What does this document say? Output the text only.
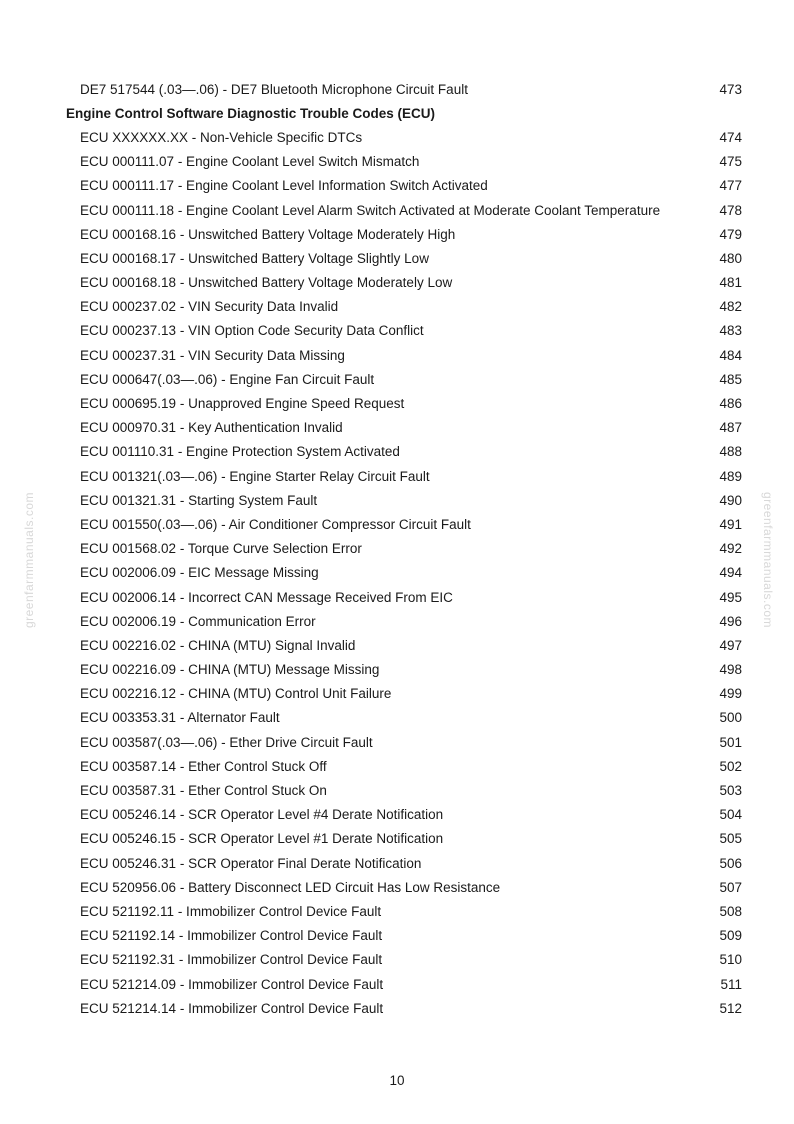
DE7 517544 (.03—.06) - DE7 Bluetooth Microphone Circuit Fault	473
Engine Control Software Diagnostic Trouble Codes (ECU)
ECU XXXXXX.XX - Non-Vehicle Specific DTCs	474
ECU 000111.07 - Engine Coolant Level Switch Mismatch	475
ECU 000111.17 - Engine Coolant Level Information Switch Activated	477
ECU 000111.18 - Engine Coolant Level Alarm Switch Activated at Moderate Coolant Temperature	478
ECU 000168.16 - Unswitched Battery Voltage Moderately High	479
ECU 000168.17 - Unswitched Battery Voltage Slightly Low	480
ECU 000168.18 - Unswitched Battery Voltage Moderately Low	481
ECU 000237.02 - VIN Security Data Invalid	482
ECU 000237.13 - VIN Option Code Security Data Conflict	483
ECU 000237.31 - VIN Security Data Missing	484
ECU 000647(.03—.06) - Engine Fan Circuit Fault	485
ECU 000695.19 - Unapproved Engine Speed Request	486
ECU 000970.31 - Key Authentication Invalid	487
ECU 001110.31 - Engine Protection System Activated	488
ECU 001321(.03—.06) - Engine Starter Relay Circuit Fault	489
ECU 001321.31 - Starting System Fault	490
ECU 001550(.03—.06) - Air Conditioner Compressor Circuit Fault	491
ECU 001568.02 - Torque Curve Selection Error	492
ECU 002006.09 - EIC Message Missing	494
ECU 002006.14 - Incorrect CAN Message Received From EIC	495
ECU 002006.19 - Communication Error	496
ECU 002216.02 - CHINA (MTU) Signal Invalid	497
ECU 002216.09 - CHINA (MTU) Message Missing	498
ECU 002216.12 - CHINA (MTU) Control Unit Failure	499
ECU 003353.31 - Alternator Fault	500
ECU 003587(.03—.06) - Ether Drive Circuit Fault	501
ECU 003587.14 - Ether Control Stuck Off	502
ECU 003587.31 - Ether Control Stuck On	503
ECU 005246.14 - SCR Operator Level #4 Derate Notification	504
ECU 005246.15 - SCR Operator Level #1 Derate Notification	505
ECU 005246.31 - SCR Operator Final Derate Notification	506
ECU 520956.06 - Battery Disconnect LED Circuit Has Low Resistance	507
ECU 521192.11 - Immobilizer Control Device Fault	508
ECU 521192.14 - Immobilizer Control Device Fault	509
ECU 521192.31 - Immobilizer Control Device Fault	510
ECU 521214.09 - Immobilizer Control Device Fault	511
ECU 521214.14 - Immobilizer Control Device Fault	512
10
greenfarmmanuals.com	greenfarmmanuals.com
